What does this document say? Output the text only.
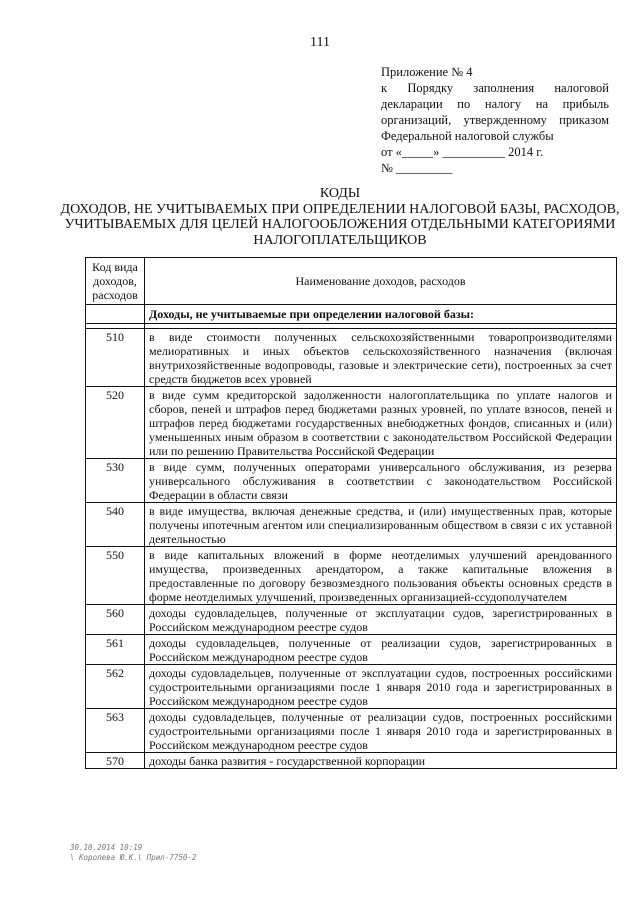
111
Приложение № 4
к Порядку заполнения налоговой
декларации по налогу на прибыль
организаций, утвержденному приказом
Федеральной налоговой службы
от «_____» __________ 2014 г.
№ _________
КОДЫ
ДОХОДОВ, НЕ УЧИТЫВАЕМЫХ ПРИ ОПРЕДЕЛЕНИИ НАЛОГОВОЙ БАЗЫ, РАСХОДОВ,
УЧИТЫВАЕМЫХ ДЛЯ ЦЕЛЕЙ НАЛОГООБЛОЖЕНИЯ ОТДЕЛЬНЫМИ КАТЕГОРИЯМИ
НАЛОГОПЛАТЕЛЬЩИКОВ
Код вида доходов, расходов	Наименование доходов, расходов
	Доходы, не учитываемые при определении налоговой базы:

510	в виде стоимости полученных сельскохозяйственными товаропроизводителями мелиоративных и иных объектов сельскохозяйственного назначения (включая внутрихозяйственные водопроводы, газовые и электрические сети), построенных за счет средств бюджетов всех уровней
520	в виде сумм кредиторской задолженности налогоплательщика по уплате налогов и сборов, пеней и штрафов перед бюджетами разных уровней, по уплате взносов, пеней и штрафов перед бюджетами государственных внебюджетных фондов, списанных и (или) уменьшенных иным образом в соответствии с законодательством Российской Федерации или по решению Правительства Российской Федерации
530	в виде сумм, полученных операторами универсального обслуживания, из резерва универсального обслуживания в соответствии с законодательством Российской Федерации в области связи
540	в виде имущества, включая денежные средства, и (или) имущественных прав, которые получены ипотечным агентом или специализированным обществом в связи с их уставной деятельностью
550	в виде капитальных вложений в форме неотделимых улучшений арендованного имущества, произведенных арендатором, а также капитальные вложения в предоставленные по договору безвозмездного пользования объекты основных средств в форме неотделимых улучшений, произведенных организацией-ссудополучателем
560	доходы судовладельцев, полученные от эксплуатации судов, зарегистрированных в Российском международном реестре судов
561	доходы судовладельцев, полученные от реализации судов, зарегистрированных в Российском международном реестре судов
562	доходы судовладельцев, полученные от эксплуатации судов, построенных российскими судостроительными организациями после 1 января 2010 года и зарегистрированных в Российском международном реестре судов
563	доходы судовладельцев, полученные от реализации судов, построенных российскими судостроительными организациями после 1 января 2010 года и зарегистрированных в Российском международном реестре судов
570	доходы банка развития - государственной корпорации
30.10.2014 10:19
\ Королева Ю.К.\ Прил-7750-2
